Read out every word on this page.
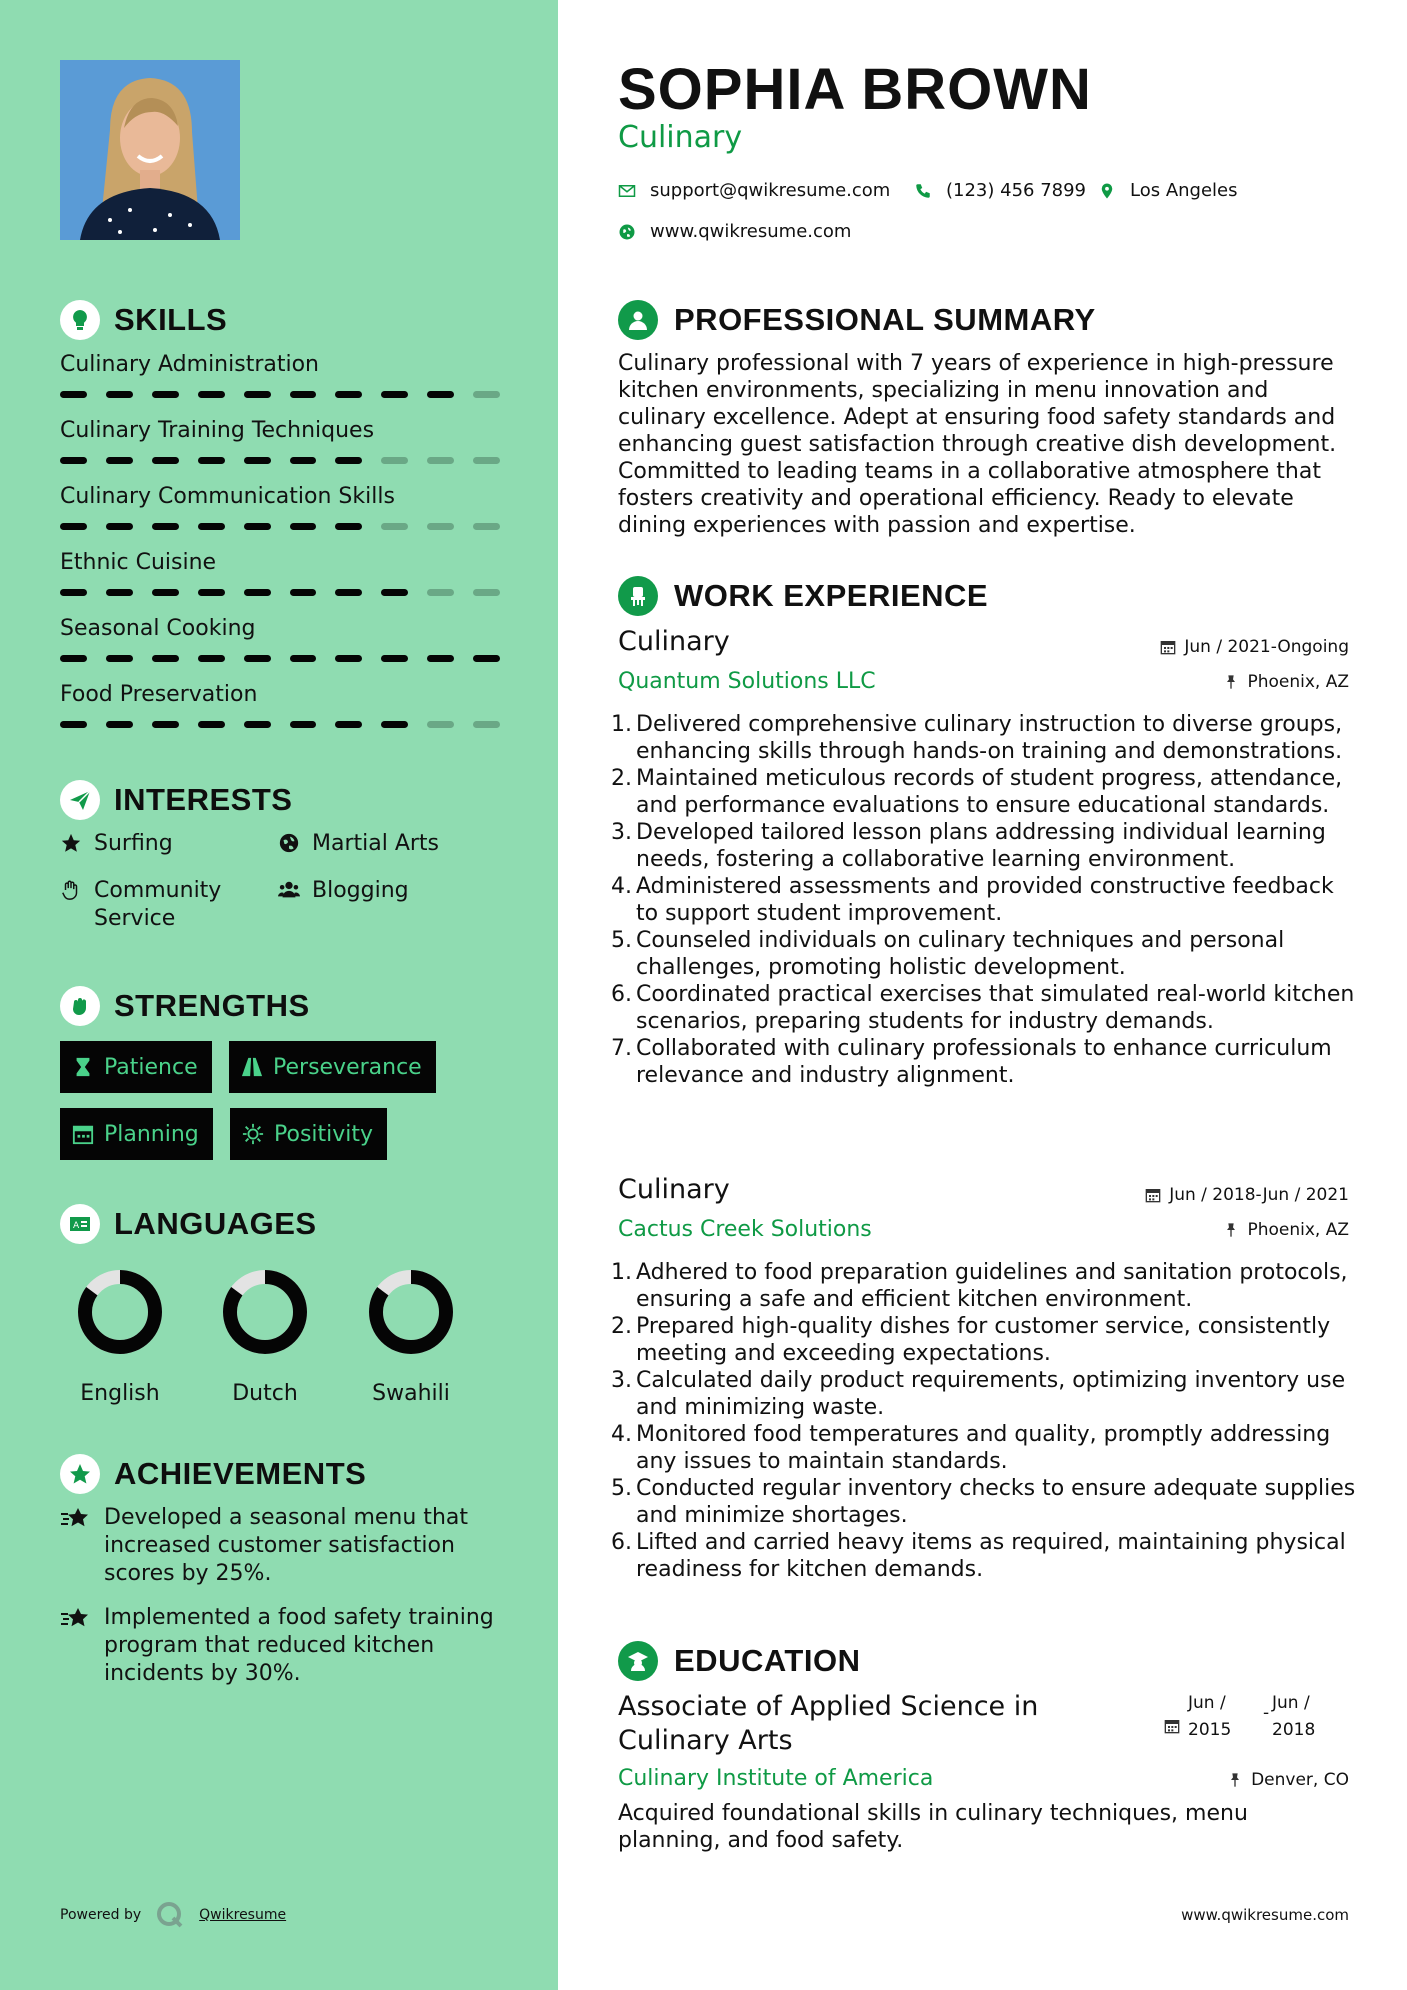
SKILLS
Culinary Administration
Culinary Training Techniques
Culinary Communication Skills
Ethnic Cuisine
Seasonal Cooking
Food Preservation
INTERESTS
Surfing	Martial Arts
Community Service
Blogging
STRENGTHS
Patience	Perseverance
Planning	Positivity
A LANGUAGES
English	Dutch	Swahili
ACHIEVEMENTS
Developed a seasonal menu that increased customer satisfaction scores by 25%.
Implemented a food safety training program that reduced kitchen incidents by 30%.
Powered by	Qwikresume
SOPHIA BROWN
Culinary
support@qwikresume.com	(123) 456 7899 Los Angeles
www.qwikresume.com
PROFESSIONAL SUMMARY
Culinary professional with 7 years of experience in high-pressure kitchen environments, specializing in menu innovation and culinary excellence. Adept at ensuring food safety standards and enhancing guest satisfaction through creative dish development. Committed to leading teams in a collaborative atmosphere that fosters creativity and operational efficiency. Ready to elevate dining experiences with passion and expertise.
WORK EXPERIENCE
Culinary
Quantum Solutions LLC
Jun / 2021-Ongoing
Phoenix, AZ
1. Delivered comprehensive culinary instruction to diverse groups, enhancing skills through hands-on training and demonstrations.
2. Maintained meticulous records of student progress, attendance, and performance evaluations to ensure educational standards.
3. Developed tailored lesson plans addressing individual learning needs, fostering a collaborative learning environment.
4. Administered assessments and provided constructive feedback to support student improvement.
5. Counseled individuals on culinary techniques and personal challenges, promoting holistic development.
6. Coordinated practical exercises that simulated real-world kitchen scenarios, preparing students for industry demands.
7. Collaborated with culinary professionals to enhance curriculum relevance and industry alignment.
Culinary
Cactus Creek Solutions
Jun / 2018-Jun / 2021
Phoenix, AZ
1. Adhered to food preparation guidelines and sanitation protocols, ensuring a safe and efficient kitchen environment.
2. Prepared high-quality dishes for customer service, consistently meeting and exceeding expectations.
3. Calculated daily product requirements, optimizing inventory use and minimizing waste.
4. Monitored food temperatures and quality, promptly addressing any issues to maintain standards.
5. Conducted regular inventory checks to ensure adequate supplies and minimize shortages.
6. Lifted and carried heavy items as required, maintaining physical readiness for kitchen demands.
EDUCATION
Associate of Applied Science in Culinary Arts
Jun / 2015
- Jun / 2018
Denver, CO
Culinary Institute of America
Acquired foundational skills in culinary techniques, menu planning, and food safety.
www.qwikresume.com
